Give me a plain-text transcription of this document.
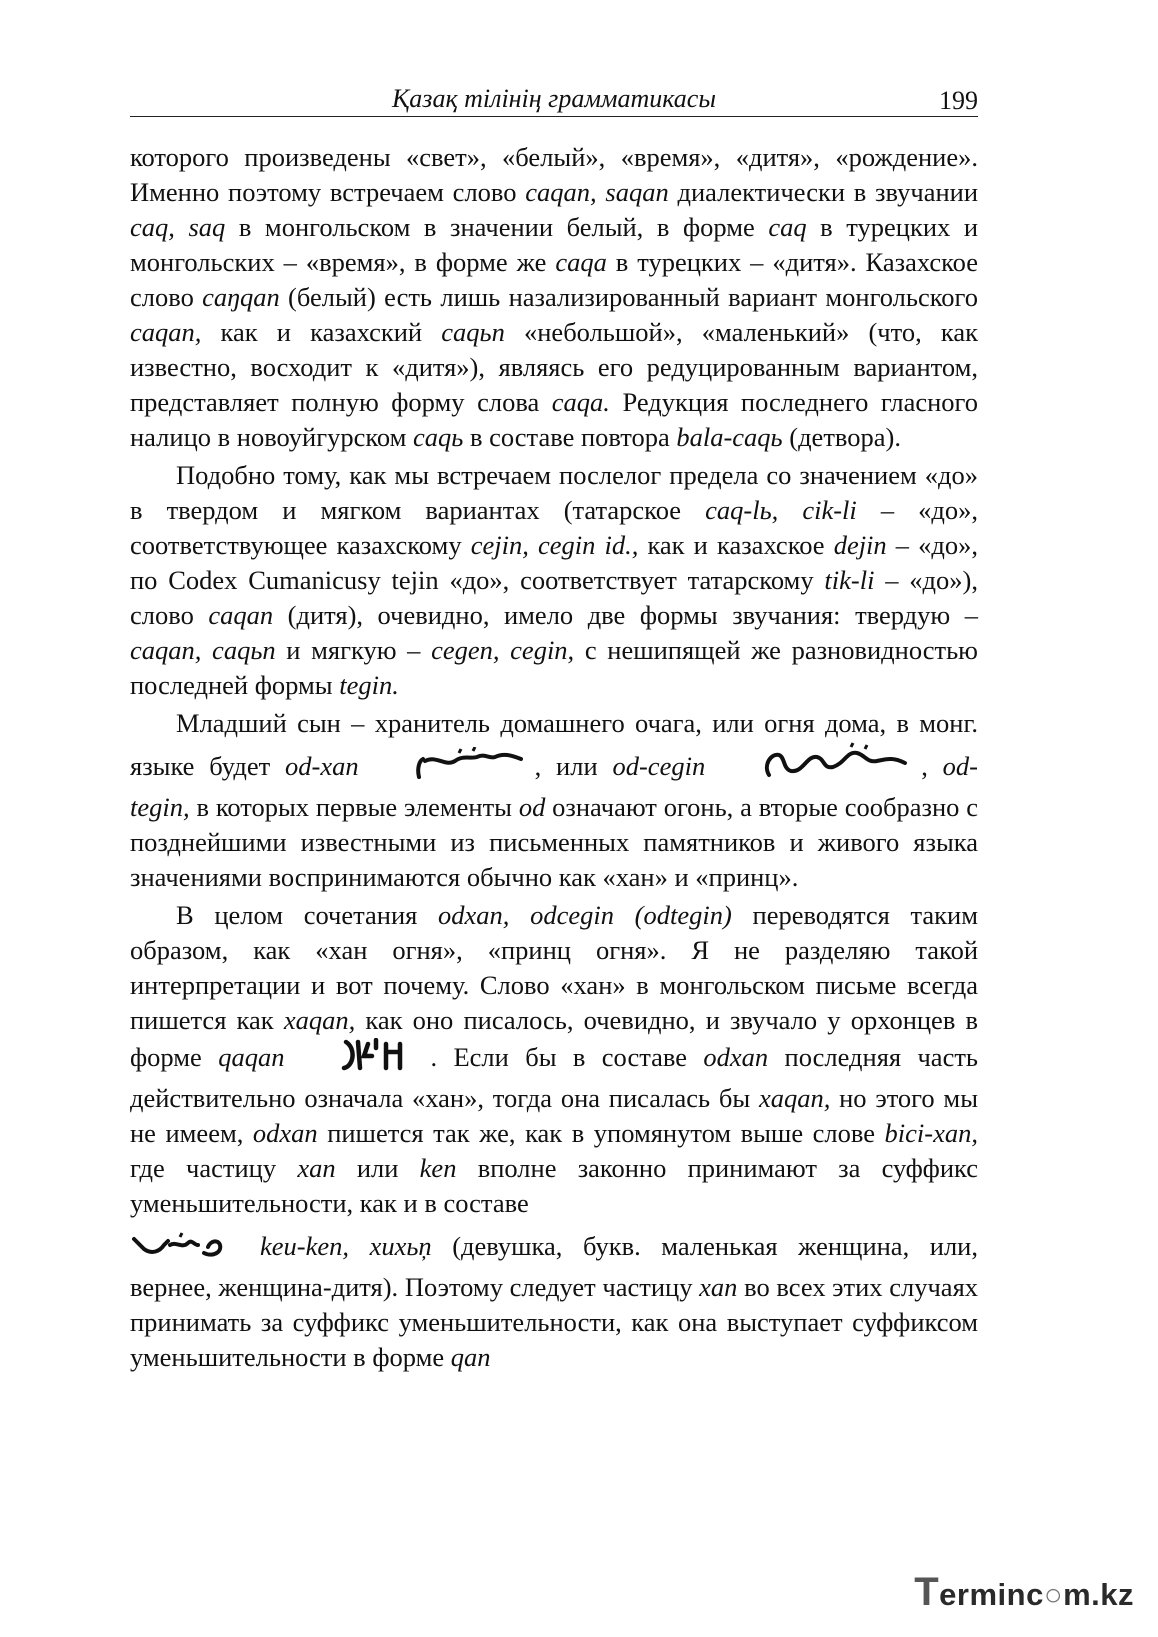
Қазақ тілінің грамматикасы	199

которого произведены «свет», «белый», «время», «дитя», «рождение». Именно поэтому встречаем слово caqan, saqan диалектически в звучании caq, saq в монгольском в значении белый, в форме caq в турецких и монгольских – «время», в форме же caqa в турецких – «дитя». Казахское слово caŋqan (белый) есть лишь назализированный вариант монгольского caqan, как и казахский caqьn «небольшой», «маленький» (что, как известно, восходит к «дитя»), являясь его редуцированным вариантом, представляет полную форму слова caqa. Редукция последнего гласного налицо в новоуйгурском caqь в составе повтора bala-caqь (детвора).

Подобно тому, как мы встречаем послелог предела со значением «до» в твердом и мягком вариантах (татарское caq-lь, cik-li – «до», соответствующее казахскому cejin, cegin id., как и казахское dejin – «до», по Codex Cumanicusy tejin «до», соответствует татарскому tik-li – «до»), слово caqan (дитя), очевидно, имело две формы звучания: твердую – caqan, caqьn и мягкую – cegen, cegin, с нешипящей же разновидностью последней формы tegin.

Младший сын – хранитель домашнего очага, или огня дома, в монг. языке будет od-xan	, или od-cegin	, od-tegin, в которых первые элементы od означают огонь, а вторые сообразно с позднейшими известными из письменных памятников и живого языка значениями воспринимаются обычно как «хан» и «принц».

В целом сочетания odxan, odcegin (odtegin) переводятся таким образом, как «хан огня», «принц огня». Я не разделяю такой интерпретации и вот почему. Слово «хан» в монгольском письме всегда пишется как xaqan, как оно писалось, очевидно, и звучало у орхонцев в форме qaqan	. Если бы в составе odxan последняя часть действительно означала «хан», тогда она писалась бы xaqan, но этого мы не имеем, odxan пишется так же, как в упомянутом выше слове bici-xan, где частицу xan или ken вполне законно принимают за суффикс уменьшительности, как и в составе

keu-ken, xuxьņ (девушка, букв. маленькая женщина, или, вернее, женщина-дитя). Поэтому следует частицу xan во всех этих случаях принимать за суффикс уменьшительности, как она выступает суффиксом уменьшительности в форме qan

Terminc○m.kz
